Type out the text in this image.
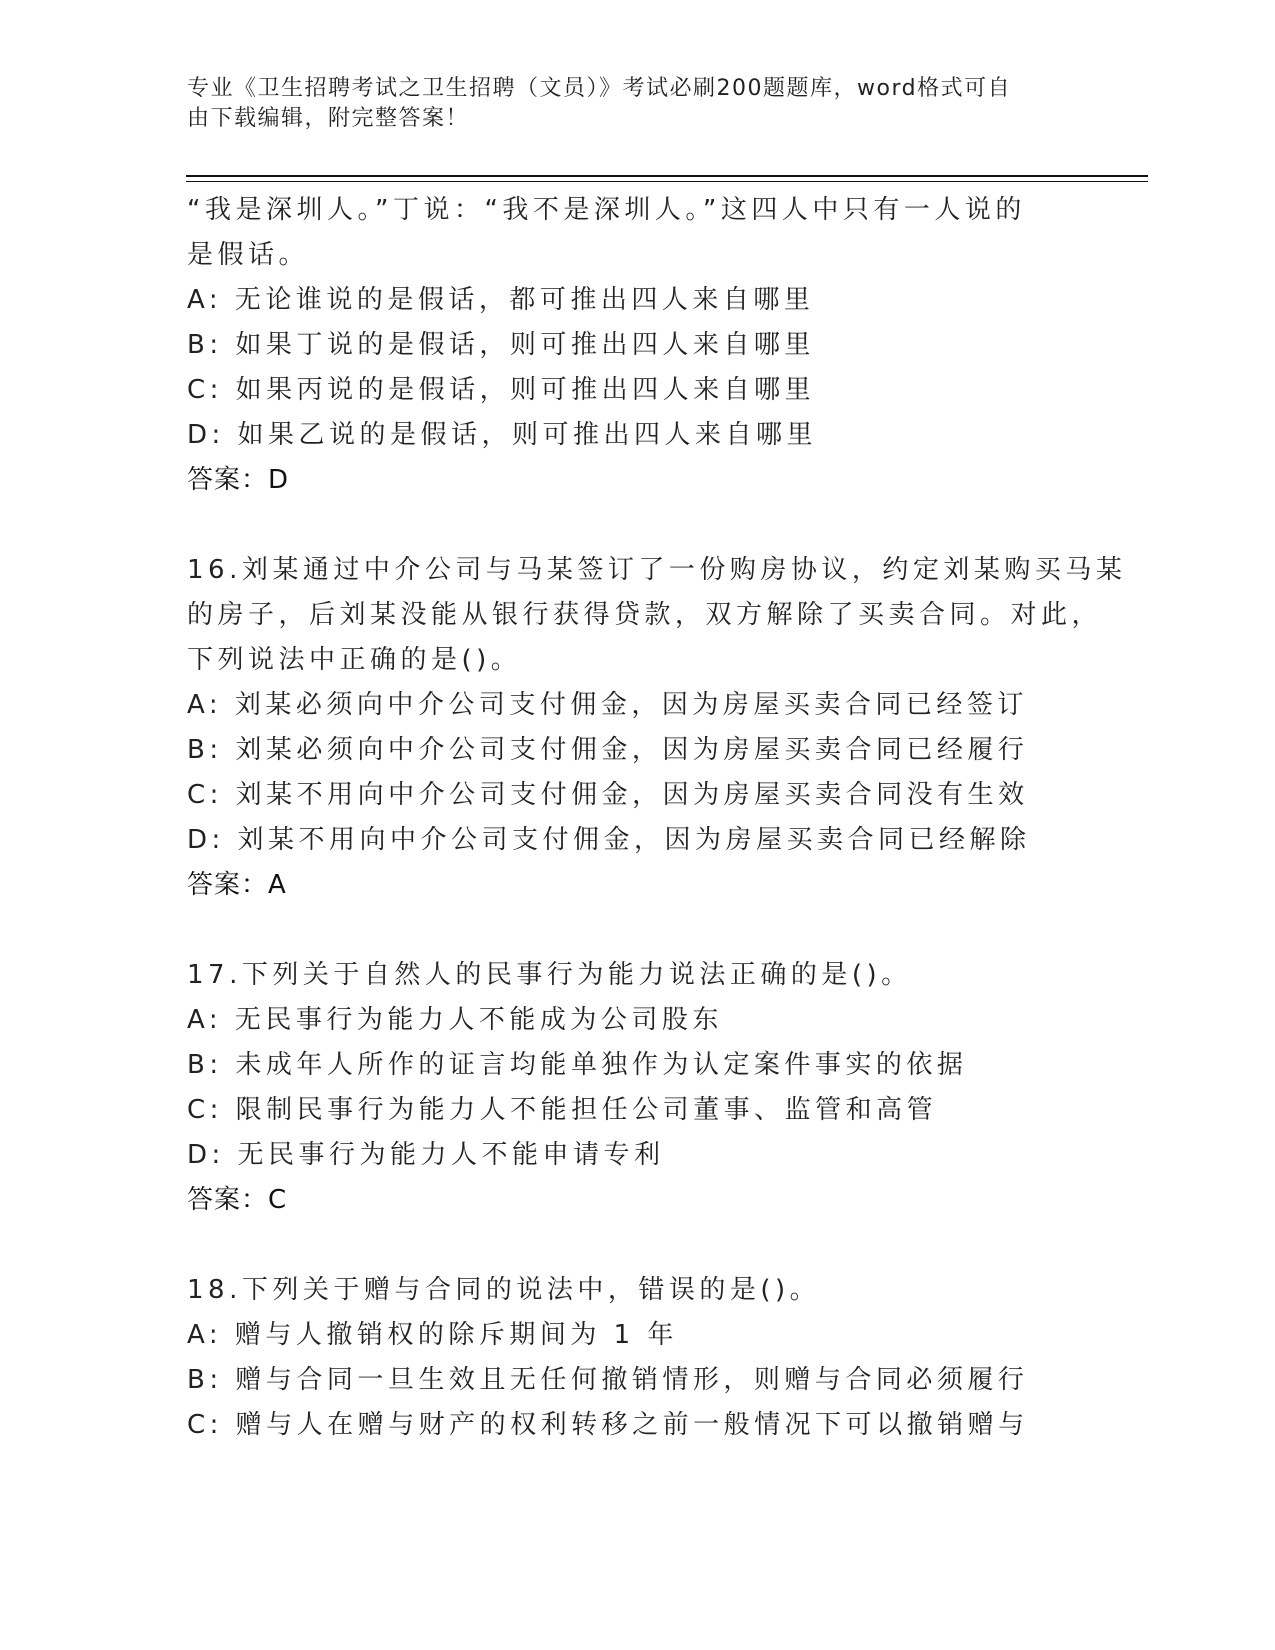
专业《卫生招聘考试之卫生招聘（文员）》考试必刷200题题库，word格式可自
由下载编辑，附完整答案！
“我是深圳人。”丁说：“我不是深圳人。”这四人中只有一人说的
是假话。
A: 无论谁说的是假话，都可推出四人来自哪里
B: 如果丁说的是假话，则可推出四人来自哪里
C: 如果丙说的是假话，则可推出四人来自哪里
D: 如果乙说的是假话，则可推出四人来自哪里
答案：D
16.刘某通过中介公司与马某签订了一份购房协议，约定刘某购买马某
的房子，后刘某没能从银行获得贷款，双方解除了买卖合同。对此，
下列说法中正确的是()。
A: 刘某必须向中介公司支付佣金，因为房屋买卖合同已经签订
B: 刘某必须向中介公司支付佣金，因为房屋买卖合同已经履行
C: 刘某不用向中介公司支付佣金，因为房屋买卖合同没有生效
D: 刘某不用向中介公司支付佣金，因为房屋买卖合同已经解除
答案：A
17.下列关于自然人的民事行为能力说法正确的是()。
A: 无民事行为能力人不能成为公司股东
B: 未成年人所作的证言均能单独作为认定案件事实的依据
C: 限制民事行为能力人不能担任公司董事、监管和高管
D: 无民事行为能力人不能申请专利
答案：C
18.下列关于赠与合同的说法中，错误的是()。
A: 赠与人撤销权的除斥期间为 1 年
B: 赠与合同一旦生效且无任何撤销情形，则赠与合同必须履行
C: 赠与人在赠与财产的权利转移之前一般情况下可以撤销赠与
